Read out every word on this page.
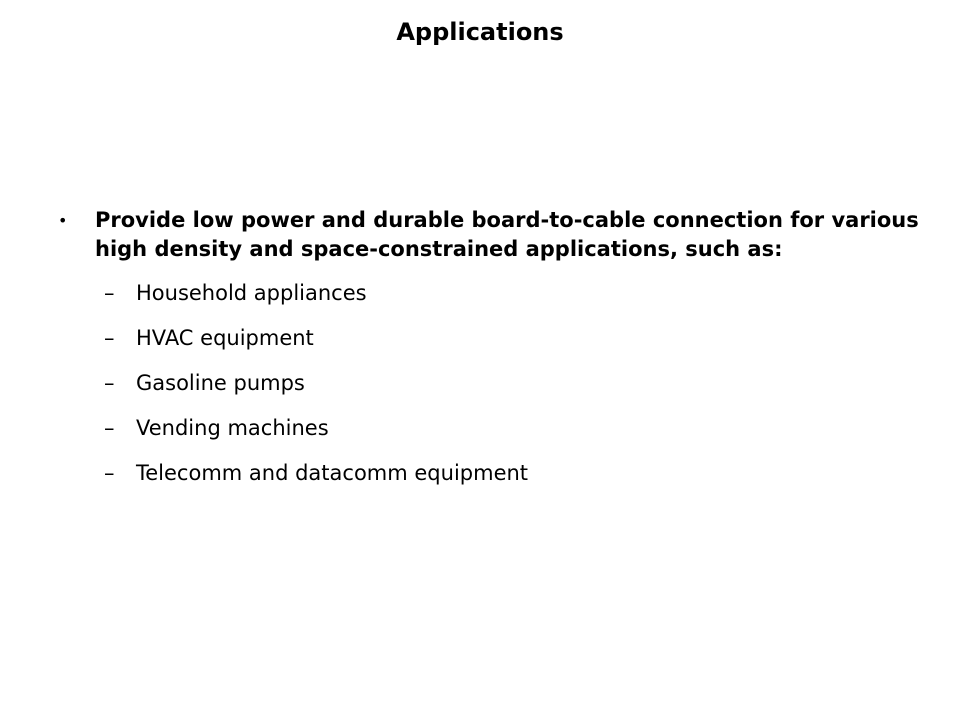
Applications
• Provide low power and durable board-to-cable connection for various high density and space-constrained applications, such as:
– Household appliances
– HVAC equipment
– Gasoline pumps
– Vending machines
– Telecomm and datacomm equipment
